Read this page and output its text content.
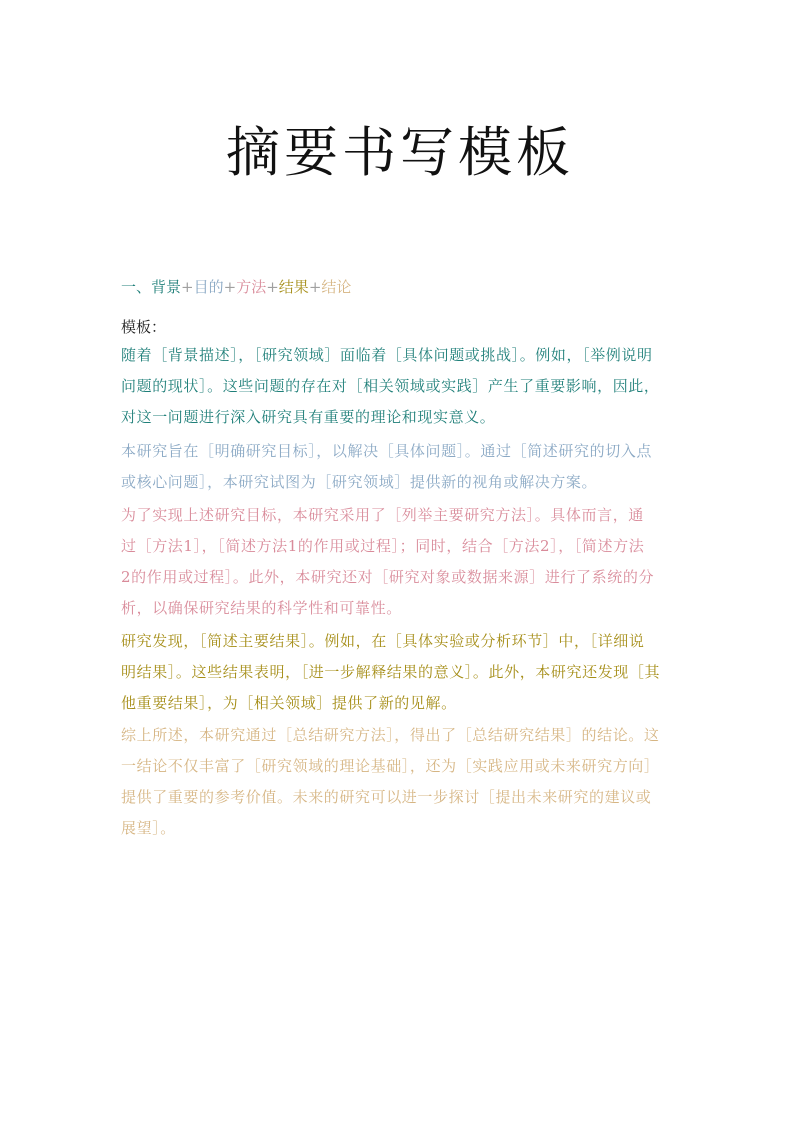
摘要书写模板
一、背景+目的+方法+结果+结论
模板：
随着［背景描述］，［研究领域］面临着［具体问题或挑战］。例如，［举例说明
问题的现状］。这些问题的存在对［相关领域或实践］产生了重要影响，因此，
对这一问题进行深入研究具有重要的理论和现实意义。
本研究旨在［明确研究目标］，以解决［具体问题］。通过［简述研究的切入点
或核心问题］，本研究试图为［研究领域］提供新的视角或解决方案。
为了实现上述研究目标，本研究采用了［列举主要研究方法］。具体而言，通
过［方法1］，［简述方法1的作用或过程］；同时，结合［方法2］，［简述方法
2的作用或过程］。此外，本研究还对［研究对象或数据来源］进行了系统的分
析，以确保研究结果的科学性和可靠性。
研究发现，［简述主要结果］。例如，在［具体实验或分析环节］中，［详细说
明结果］。这些结果表明，［进一步解释结果的意义］。此外，本研究还发现［其
他重要结果］，为［相关领域］提供了新的见解。
综上所述，本研究通过［总结研究方法］，得出了［总结研究结果］的结论。这
一结论不仅丰富了［研究领域的理论基础］，还为［实践应用或未来研究方向］
提供了重要的参考价值。未来的研究可以进一步探讨［提出未来研究的建议或
展望］。
